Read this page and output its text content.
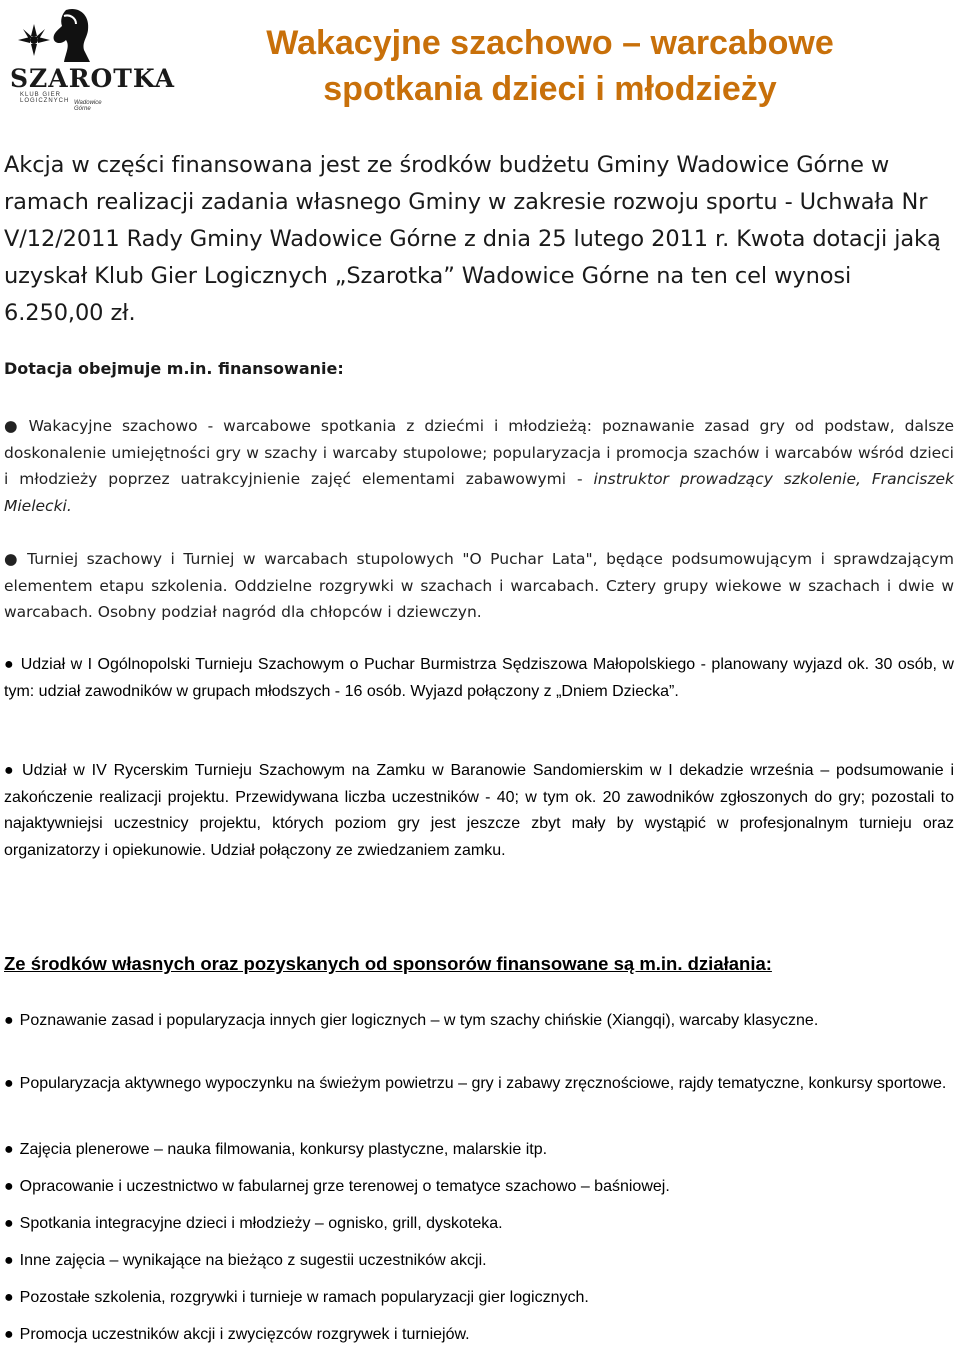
SZAROTKA
KLUB GIER LOGICZNYCH Wadowice Górne
Wakacyjne szachowo – warcabowe
spotkania dzieci i młodzieży
Akcja w części finansowana jest ze środków budżetu Gminy Wadowice Górne w ramach realizacji zadania własnego Gminy w zakresie rozwoju sportu - Uchwała Nr V/12/2011 Rady Gminy Wadowice Górne z dnia 25 lutego 2011 r. Kwota dotacji jaką uzyskał Klub Gier Logicznych „Szarotka” Wadowice Górne na ten cel wynosi 6.250,00 zł.
Dotacja obejmuje m.in. finansowanie:
● Wakacyjne szachowo - warcabowe spotkania z dziećmi i młodzieżą: poznawanie zasad gry od podstaw, dalsze doskonalenie umiejętności gry w szachy i warcaby stupolowe; popularyzacja i promocja szachów i warcabów wśród dzieci i młodzieży poprzez uatrakcyjnienie zajęć elementami zabawowymi - instruktor prowadzący szkolenie, Franciszek Mielecki.
● Turniej szachowy i Turniej w warcabach stupolowych "O Puchar Lata", będące podsumowującym i sprawdzającym elementem etapu szkolenia. Oddzielne rozgrywki w szachach i warcabach. Cztery grupy wiekowe w szachach i dwie w warcabach. Osobny podział nagród dla chłopców i dziewczyn.
● Udział w I Ogólnopolski Turnieju Szachowym o Puchar Burmistrza Sędziszowa Małopolskiego - planowany wyjazd ok. 30 osób, w tym: udział zawodników w grupach młodszych - 16 osób. Wyjazd połączony z „Dniem Dziecka”.
● Udział w IV Rycerskim Turnieju Szachowym na Zamku w Baranowie Sandomierskim w I dekadzie września – podsumowanie i zakończenie realizacji projektu. Przewidywana liczba uczestników - 40; w tym ok. 20 zawodników zgłoszonych do gry; pozostali to najaktywniejsi uczestnicy projektu, których poziom gry jest jeszcze zbyt mały by wystąpić w profesjonalnym turnieju oraz organizatorzy i opiekunowie. Udział połączony ze zwiedzaniem zamku.
Ze środków własnych oraz pozyskanych od sponsorów finansowane są m.in. działania:
● Poznawanie zasad i popularyzacja innych gier logicznych – w tym szachy chińskie (Xiangqi), warcaby klasyczne.
● Popularyzacja aktywnego wypoczynku na świeżym powietrzu – gry i zabawy zręcznościowe, rajdy tematyczne, konkursy sportowe.
● Zajęcia plenerowe – nauka filmowania, konkursy plastyczne, malarskie itp.
● Opracowanie i uczestnictwo w fabularnej grze terenowej o tematyce szachowo – baśniowej.
● Spotkania integracyjne dzieci i młodzieży – ognisko, grill, dyskoteka.
● Inne zajęcia – wynikające na bieżąco z sugestii uczestników akcji.
● Pozostałe szkolenia, rozgrywki i turnieje w ramach popularyzacji gier logicznych.
● Promocja uczestników akcji i zwycięzców rozgrywek i turniejów.
